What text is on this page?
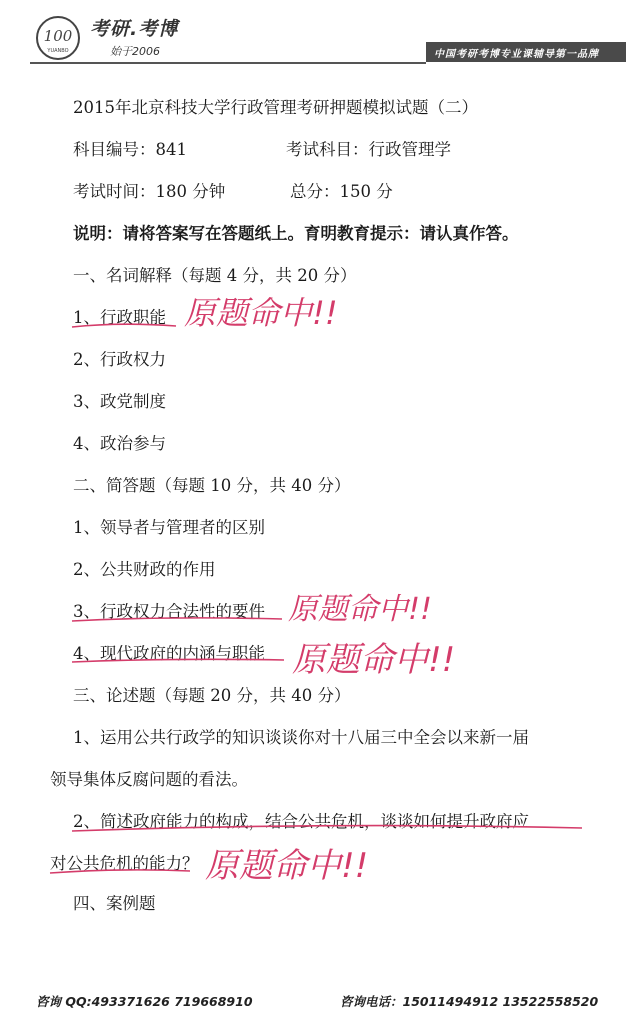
100
YUANBO
考研.考博
始于2006	中国考研考博专业课辅导第一品牌
2015年北京科技大学行政管理考研押题模拟试题（二）
科目编号：841	考试科目：行政管理学
考试时间：180 分钟	总分：150 分
说明：请将答案写在答题纸上。育明教育提示：请认真作答。
一、名词解释（每题 4 分，共 20 分）
1、行政职能
2、行政权力
3、政党制度
4、政治参与
二、简答题（每题 10 分，共 40 分）
1、领导者与管理者的区别
2、公共财政的作用
3、行政权力合法性的要件
4、现代政府的内涵与职能
三、论述题（每题 20 分，共 40 分）
1、运用公共行政学的知识谈谈你对十八届三中全会以来新一届
领导集体反腐问题的看法。
2、简述政府能力的构成，结合公共危机，谈谈如何提升政府应
对公共危机的能力？
四、案例题
原题命中!!
原题命中!!
原题命中!!
原题命中!!
咨询 QQ:493371626 719668910	咨询电话：15011494912 13522558520
